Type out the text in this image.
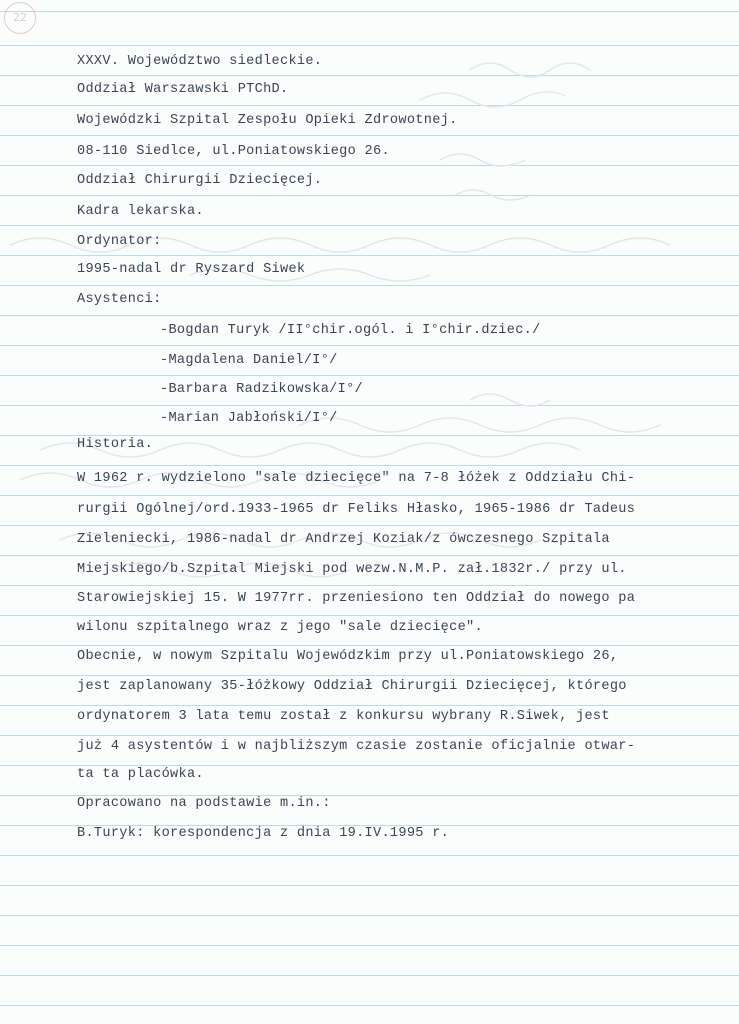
22
XXXV. Województwo siedleckie.
Oddział Warszawski PTChD.
Wojewódzki Szpital Zespołu Opieki Zdrowotnej.
08-110 Siedlce, ul.Poniatowskiego 26.
Oddział Chirurgii Dziecięcej.
Kadra lekarska.
Ordynator:
1995-nadal dr Ryszard Siwek
Asystenci:
-Bogdan Turyk /II°chir.ogól. i I°chir.dziec./
-Magdalena Daniel/I°/
-Barbara Radzikowska/I°/
-Marian Jabłoński/I°/
Historia.
W 1962 r. wydzielono "sale dziecięce" na 7-8 łóżek z Oddziału Chi-
rurgii Ogólnej/ord.1933-1965 dr Feliks Hłasko, 1965-1986 dr Tadeus
Zieleniecki, 1986-nadal dr Andrzej Koziak/z ówczesnego Szpitala
Miejskiego/b.Szpital Miejski pod wezw.N.M.P. zał.1832r./ przy ul.
Starowiejskiej 15. W 1977rr. przeniesiono ten Oddział do nowego pa
wilonu szpitalnego wraz z jego "sale dziecięce".
Obecnie, w nowym Szpitalu Wojewódzkim przy ul.Poniatowskiego 26,
jest zaplanowany 35-łóżkowy Oddział Chirurgii Dziecięcej, którego
ordynatorem 3 lata temu został z konkursu wybrany R.Siwek, jest
już 4 asystentów i w najbliższym czasie zostanie oficjalnie otwar-
ta ta placówka.
Opracowano na podstawie m.in.:
B.Turyk: korespondencja z dnia 19.IV.1995 r.
